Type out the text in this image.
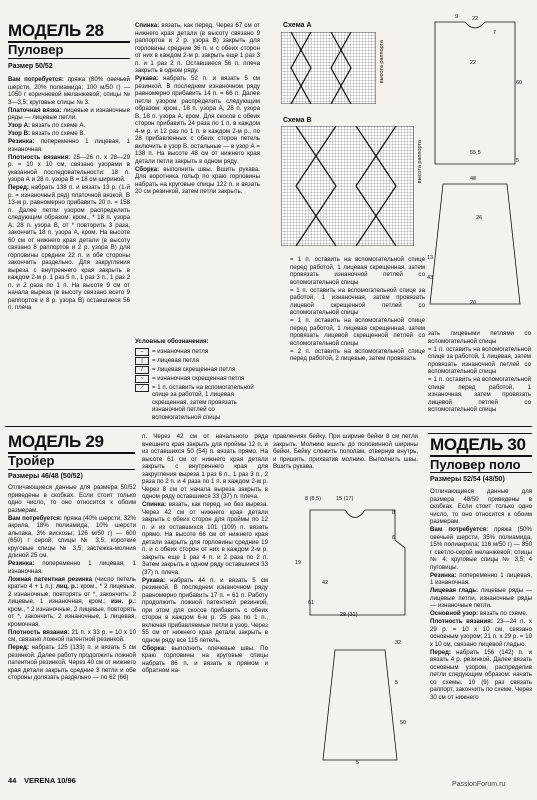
МОДЕЛЬ 28
Пуловер
Размер 50/52

Вам потребуется: пряжа (80% овечьей шерсти, 20% полиамида; 100 м/50 г) — 1050 г коричневой меланжевой; спицы № 3—3,5; круговые спицы № 3.

Платочная вязка: лицевые и изнаночные ряды — лицевые петли.

Узор А: вязать по схеме А.

Узор В: вязать по схеме В.

Резинка: попеременно 1 лицевая, 1 изнаночная.

Плотность вязания: 25—26 п. х 28—29 р. = 10 х 10 см, связано узорами в указанной последовательности: 18 п. узора А и 28 п. узора В = 18 см шириной.

Перед: набрать 138 п. и вязать 13 р. (1-й р. = изнаночный ряд) платочной вязкой. В 13-м р. равномерно прибавить 20 п. = 158 п. Далее петли узором распределить следующим образом: кром., * 18 п. узора А, 28 п. узора В, от * повторить 3 раза, закончить 18 п. узора А, кром. На высоте 60 см от нижнего края детали (в высоту связано 8 раппортов и 2 р. узора В) для горловины средние 22 п. и обе стороны закончить раздельно. Для закругления выреза с внутреннего края закрыть в каждом 2-м р. 1 раз 5 п., 1 раз 3 п., 1 раз 2 п. и 2 раза по 1 п. На высоте 9 см от начала выреза (в высоту связано всего 9 раппортов и 8 р. узора В) оставшиеся 56 п. плеча

Спинка: вязать, как перед. Через 67 см от нижнего края детали (в высоту связано 9 раппортов и 2 р. узора В) закрыть для горловины средние 36 п. и с обеих сторон от них в каждом 2-м р. закрыть еще 1 раз 3 п. и 1 раз 2 п. Оставшиеся 56 п. плеча закрыть в одном ряду.

Рукава: набрать 52 п. и вязать 5 см резинкой. В последнем изнаночном ряду равномерно прибавить 14 п. = 66 п. Далее петли узором распределить следующим образом: кром., 18 п. узора А, 28 п. узора В, 18 п. узора А, кром. Для скосов с обеих сторон прибавить 24 раза по 1 п. в каждом 4-м р. и 12 раз по 1 п. в каждом 2-м р., по 28 прибавленных с обеих сторон петель включить в узор В, остальные — в узор А = 138 п. На высоте 48 см от нижнего края детали петли закрыть в одном ряду.

Сборка: выполнить швы. Вшить рукава. Для воротника гольф по краю горловины набрать на круговые спицы 122 п. и вязать 20 см резинкой, затем петли закрыть.

Условные обозначения:

–	= изнаночная петля
|	= лицевая петля
/	= лицевая скрещенная петля
~	= изнаночная скрещенная петля
⟋	= 1 п. оставить на вспомогательной спице за работой, 1 лицевая скрещенная, затем провязать изнаночной петлей со вспомогательной спицы
Схема А
высота раппорта
Схема В
высота раппорта
9	22
7
22
60
55,5
5
48
26
13
43
20

= 1 п. оставить на вспомогательной спице перед работой, 1 лицевая скрещенная, затем провязать изнаночной петлей со вспомогательной спицы

= 1 п. оставить на вспомогательной спице за работой, 1 изнаночная, затем провязать лицевой скрещенной петлей со вспомогательной спицы

= 1 п. оставить на вспомогательной спице перед работой, 1 лицевая скрещенная, затем провязать лицевой скрещенной петлей со вспомогательной спицы

= 2 п. оставить на вспомогательной спице перед работой, 2 лицевые, затем провязать

зать лицевыми петлями со вспомогательной спицы

= 1 п. оставить на вспомогательной спице за работой, 1 лицевая, затем провязать изнаночной петлей со вспомогательной спицы

= 1 п. оставить на вспомогательной спице перед работой, 1 изнаночная, затем провязать лицевой петлей со вспомогательной спицы

МОДЕЛЬ 29
Тройер
Размеры 46/48 (50/52)

Отличающиеся данные для размера 50/52 приведены в скобках. Если стоит только одно число, то оно относится к обоим размерам.

Вам потребуется: пряжа (40% шерсти, 32% акрила, 18% полиамида, 10% шерсти альпака, 3% вискозы; 126 м/50 г) — 600 (650) г серой; спицы № 3,5; короткие круговые спицы № 3,5; застежка-молния длиной 25 см.

Резинка: попеременно 1 лицевая, 1 изнаночная.

Ложная патентная резинка (число петель кратно 4 + 1 п.): лиц. р.: кром., * 2 лицевые, 2 изнаночные, повторять от *, закончить: 2 лицевые, 1 изнаночная, кром.; изн. р.: кром., * 2 изнаночные, 2 лицевые, повторять от *, закончить: 2 изнаночные, 1 лицевая, кромочная.

Плотность вязания: 21 п. х 33 р. = 10 х 10 см, связано ложной патентной резинкой.

Перед: набрать 125 (133) п. и вязать 5 см резинкой. Далее работу продолжить ложной патентной резинкой. Через 40 см от нижнего края детали закрыть средние 3 петли и обе стороны долязать раздельно — по 62 (66)

п. Через 42 см от начального ряда внешнего края закрыть для проймы 12 п. и из оставшихся 50 (54) п. вязать прямо. На высоте 61 см от нижнего края детали закрыть с внутреннего края для закругления выреза 1 раз 6 п., 1 раз 3 п., 2 раза по 2 п. и 4 раза по 1 п. в каждом 2-м р. Через 8 см от начала выреза закрыть в одном ряду оставшиеся 33 (37) п. плеча.

Спинка: вязать, как перед, но без выреза. Через 42 см от нижнего края детали закрыть с обеих сторон для проймы по 12 п. и из оставшихся 101 (109) п. вязать прямо. На высоте 66 см от нижнего края детали закрыть для горловины средние 19 п. и с обеих сторон от них в каждом 2-м р. закрыть еще 1 раз 4 п. и 2 раза по 2 п. Затем закрыть в одном ряду оставшиеся 33 (37) п. плеча.

Рукава: набрать 44 п. и вязать 5 см резинкой. В последнем изнаночном ряду равномерно прибавить 17 п. = 61 п. Работу продолжить ложной патентной резинкой, при этом для скосов прибавить с обеих сторон в каждом 6-м р. 25 раз по 1 п., включая прибавляемые петли в узор. Через 55 см от нижнего края детали закрыть в одном ряду все 115 петель.

Сборка: выполнить плечевые швы. По краю горловины на круговые спицы набрать 86 п. и вязать в прямом и обратном на-

правлениях бейку. При ширине бейки 8 см петли закрыть. Молнию вшить до половинной ширины бейки. Бейку сложить пополам, отвернув внутрь, и пришить, прихватив молнию. Выполнить швы. Вшить рукава.

8 (8,5)	15 (17)
8
6
19
29 (31)
32
5
61
42
50
5
МОДЕЛЬ 30
Пуловер поло
Размеры 52/54 (48/50)

Отличающиеся данные для размера 48/50 приведены в скобках. Если стоит только одно число, то оно относится к обоим размерам.

Вам потребуется: пряжа (50% овечьей шерсти, 35% полиамида, 15% полиакрила; 116 м/50 г) — 850 г светло-серой меланжевой; спицы № 4; круговые спицы № 3,5; 4 пуговицы.

Резинка: попеременно 1 лицевая, 1 изнаночная.

Лицевая гладь: лицевые ряды — лицевые петли, изнаночные ряды — изнаночные петли.

Основной узор: вязать по схеме.

Плотность вязания: 23—24 п. х 29 р. = 10 х 10 см, связано основным узором; 21 п. х 29 р. = 10 х 10 см, связано лицевой гладью.

Перед: набрать 156 (142) п. и вязать 4 р. резинкой. Далее вязать основным узором, распределив петли следующим образом: начать со схемы, 10 (9) раз связать раппорт, закончить по схеме. Через 30 см от нижнего

44 VERENA 10/96	PassionForum.ru
